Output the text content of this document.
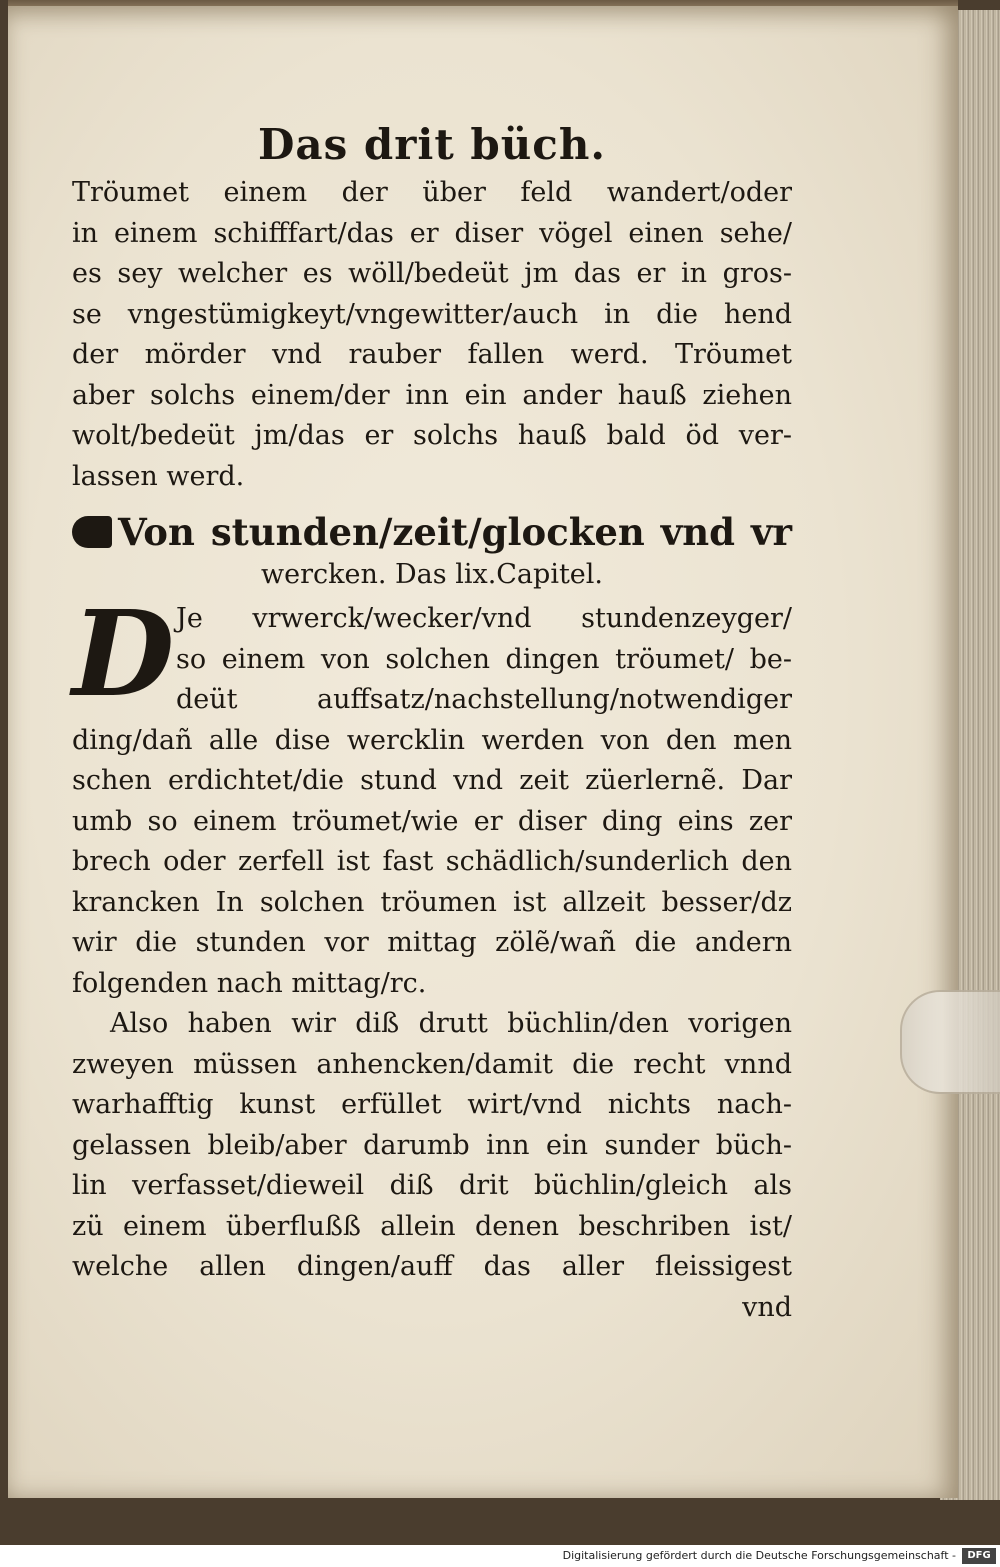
Das drit büch.
Tröumet einem der über feld wandert/oder
in einem schifffart/das er diser vögel einen sehe/
es sey welcher es wöll/bedeüt jm das er in gros-
se vngestümigkeyt/vngewitter/auch in die hend
der mörder vnd rauber fallen werd. Tröumet
aber solchs einem/der inn ein ander hauß ziehen
wolt/bedeüt jm/das er solchs hauß bald öd ver-
lassen werd.
Von stunden/zeit/glocken vnd vr
wercken. Das lix.Capitel.
D Je vrwerck/wecker/vnd stundenzeyger/
so einem von solchen dingen tröumet/ be-
deüt auffsatz/nachstellung/notwendiger
ding/dañ alle dise wercklin werden von den men
schen erdichtet/die stund vnd zeit züerlernẽ. Dar
umb so einem tröumet/wie er diser ding eins zer
brech oder zerfell ist fast schädlich/sunderlich den
krancken In solchen tröumen ist allzeit besser/dz
wir die stunden vor mittag zölẽ/wañ die andern
folgenden nach mittag/rc.
Also haben wir diß drutt büchlin/den vorigen
zweyen müssen anhencken/damit die recht vnnd
warhafftig kunst erfüllet wirt/vnd nichts nach-
gelassen bleib/aber darumb inn ein sunder büch-
lin verfasset/dieweil diß drit büchlin/gleich als
zü einem überflußß allein denen beschriben ist/
welche allen dingen/auff das aller fleissigest
vnd
Digitalisierung gefördert durch die Deutsche Forschungsgemeinschaft -	DFG
